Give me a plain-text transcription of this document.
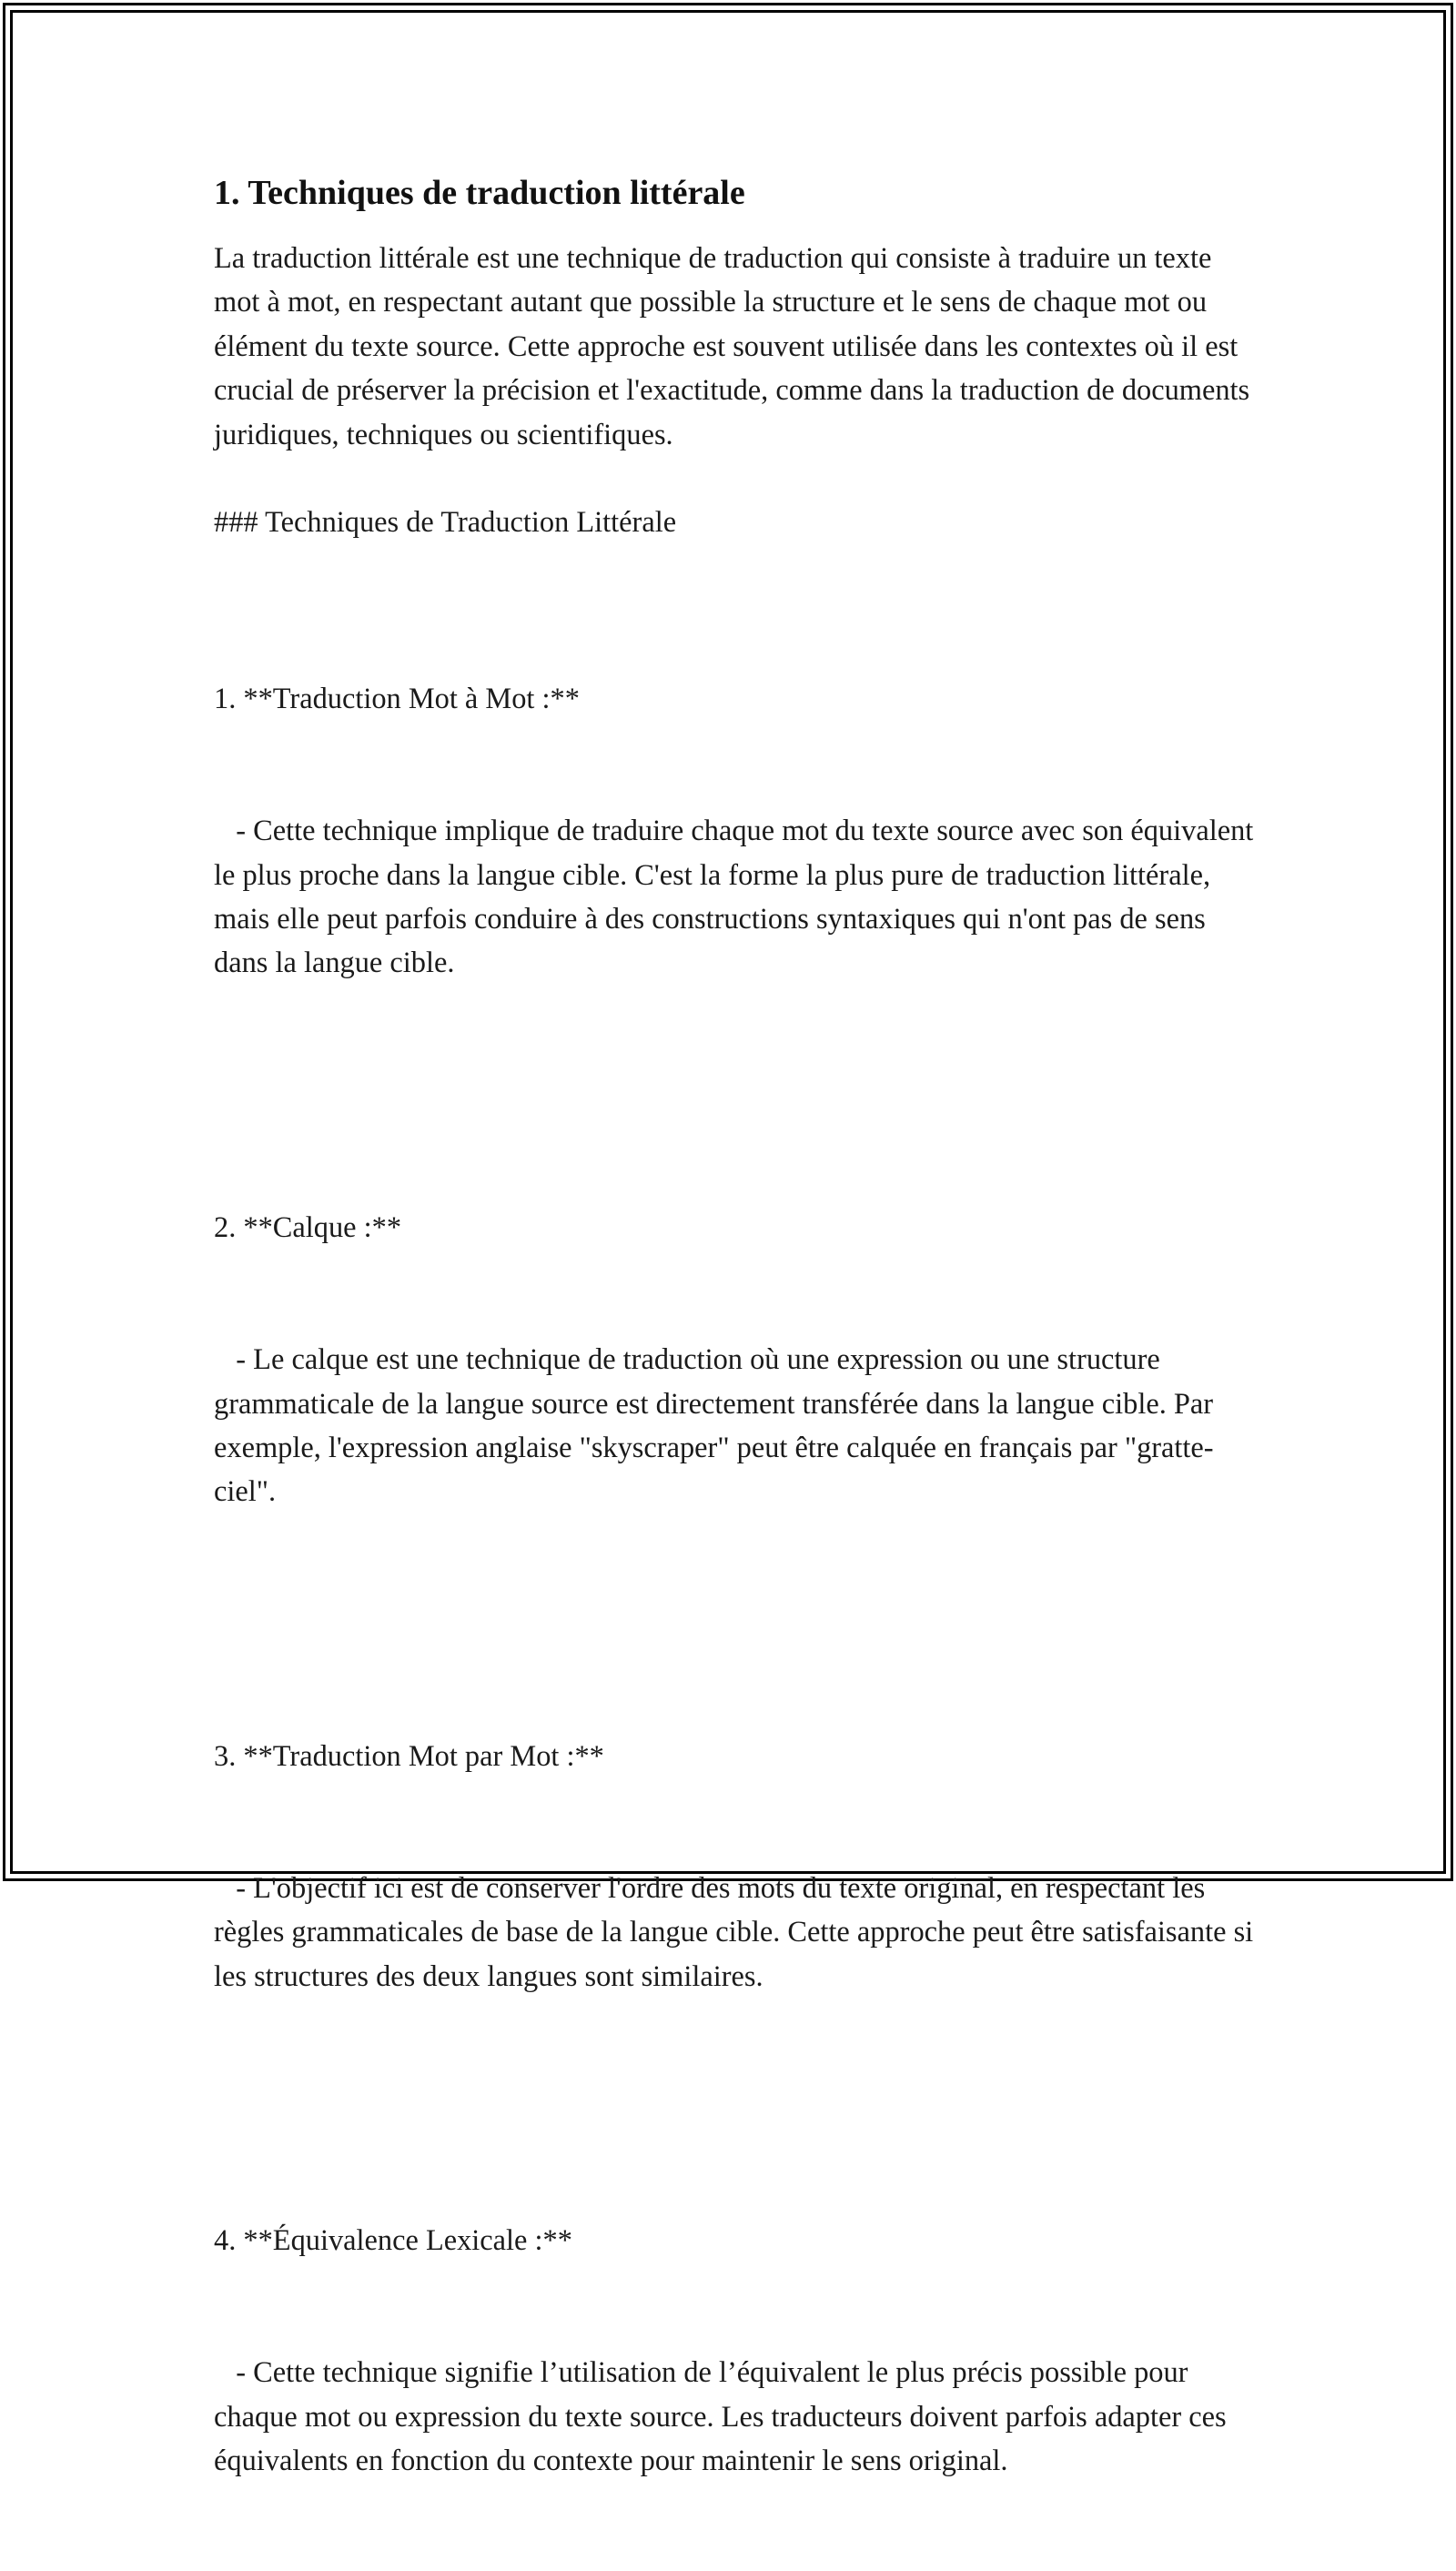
1. Techniques de traduction littérale

La traduction littérale est une technique de traduction qui consiste à traduire un texte mot à mot, en respectant autant que possible la structure et le sens de chaque mot ou élément du texte source. Cette approche est souvent utilisée dans les contextes où il est crucial de préserver la précision et l'exactitude, comme dans la traduction de documents juridiques, techniques ou scientifiques.

### Techniques de Traduction Littérale

1. **Traduction Mot à Mot :**

- Cette technique implique de traduire chaque mot du texte source avec son équivalent le plus proche dans la langue cible. C'est la forme la plus pure de traduction littérale, mais elle peut parfois conduire à des constructions syntaxiques qui n'ont pas de sens dans la langue cible.

2. **Calque :**

- Le calque est une technique de traduction où une expression ou une structure grammaticale de la langue source est directement transférée dans la langue cible. Par exemple, l'expression anglaise "skyscraper" peut être calquée en français par "gratte-ciel".

3. **Traduction Mot par Mot :**

- L'objectif ici est de conserver l'ordre des mots du texte original, en respectant les règles grammaticales de base de la langue cible. Cette approche peut être satisfaisante si les structures des deux langues sont similaires.

4. **Équivalence Lexicale :**

- Cette technique signifie l’utilisation de l’équivalent le plus précis possible pour chaque mot ou expression du texte source. Les traducteurs doivent parfois adapter ces équivalents en fonction du contexte pour maintenir le sens original.
